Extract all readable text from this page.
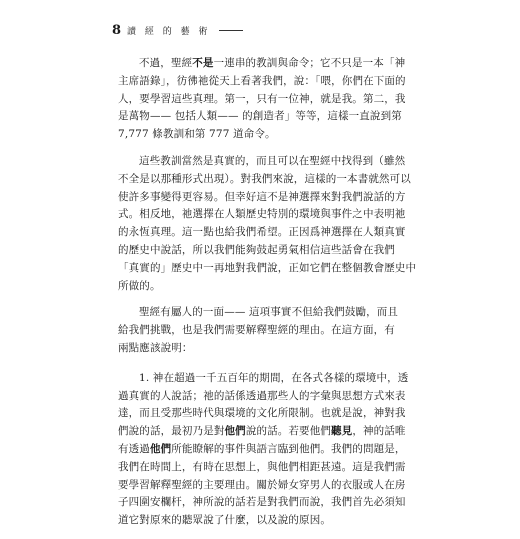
8 讀 經 的 藝 術
不過，聖經不是一連串的教訓與命令；它不只是一本「神
主席語錄」，彷彿祂從天上看著我們，說：「喂，你們在下面的
人，要學習這些真理。第一，只有一位神，就是我。第二，我
是萬物—— 包括人類—— 的創造者」等等，這樣一直說到第
7,777 條教訓和第 777 道命令。
這些教訓當然是真實的，而且可以在聖經中找得到（雖然
不全是以那種形式出現）。對我們來說，這樣的一本書就然可以
使許多事變得更容易。但幸好這不是神選擇來對我們說話的方
式。相反地，祂選擇在人類歷史特別的環境與事件之中表明祂
的永恆真理。這一點也給我們希望。正因爲神選擇在人類真實
的歷史中說話，所以我們能夠鼓起勇氣相信這些話會在我們
「真實的」歷史中一再地對我們說，正如它們在整個教會歷史中
所做的。
聖經有屬人的一面—— 這項事實不但給我們鼓勵，而且
給我們挑戰，也是我們需要解釋聖經的理由。在這方面，有
兩點應該說明：
1. 神在超過一千五百年的期間，在各式各樣的環境中，透
過真實的人說話；祂的話係透過那些人的字彙與思想方式來表
達，而且受那些時代與環境的文化所限制。也就是說，神對我
們說的話，最初乃是對他們說的話。若要他們聽見，神的話唯
有透過他們所能瞭解的事件與語言臨到他們。我們的問題是，
我們在時間上，有時在思想上，與他們相距甚遠。這是我們需
要學習解釋聖經的主要理由。關於婦女穿男人的衣服或人在房
子四圍安欄杆，神所說的話若是對我們而說，我們首先必須知
道它對原來的聽眾說了什麼，以及說的原因。
